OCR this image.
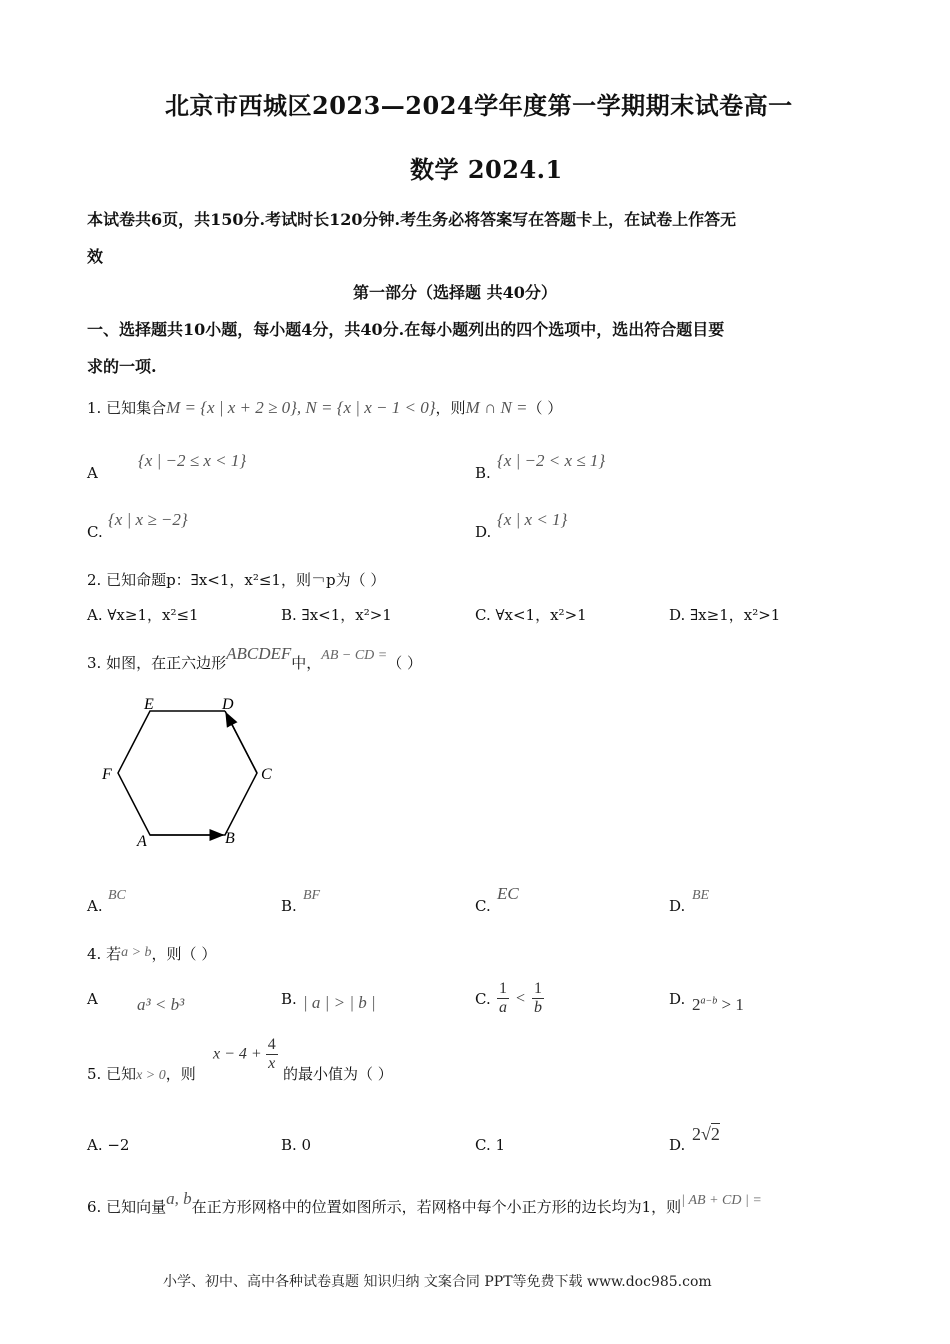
北京市西城区2023—2024学年度第一学期期末试卷高一
数学 2024.1
本试卷共6页，共150分.考试时长120分钟.考生务必将答案写在答题卡上，在试卷上作答无
效
第一部分（选择题 共40分）
一、选择题共10小题，每小题4分，共40分.在每小题列出的四个选项中，选出符合题目要
求的一项.
1. 已知集合M = {x | x + 2 ≥ 0}, N = {x | x − 1 < 0}，则M ∩ N =（ ）
A
{x | −2 ≤ x < 1}
B.
{x | −2 < x ≤ 1}
C.
{x | x ≥ −2}
D.
{x | x < 1}
2. 已知命题p：∃x<1，x²≤1，则￢p为（ ）
A. ∀x≥1，x²≤1	B. ∃x<1，x²>1	C. ∀x<1，x²>1	D. ∃x≥1，x²>1
3. 如图，在正六边形ABCDEF中，AB − CD =（ ）
A	B
C
D
E
F
A.
BC
B.
BF
C.
EC
D.
BE
4. 若a > b，则（ ）
A a³ < b³	B. | a | > | b |	C. $\frac{1}{a} < \frac{1}{b}$	D. $2^{a-b} > 1$
5. 已知x > 0，则
$x - 4 + \frac{4}{x}$
的最小值为（ ）
A. −2	B. 0	C. 1	D.
2√2
6. 已知向量a, b在正方形网格中的位置如图所示，若网格中每个小正方形的边长均为1，则| AB + CD | =
小学、初中、高中各种试卷真题 知识归纳 文案合同 PPT等免费下载 www.doc985.com
